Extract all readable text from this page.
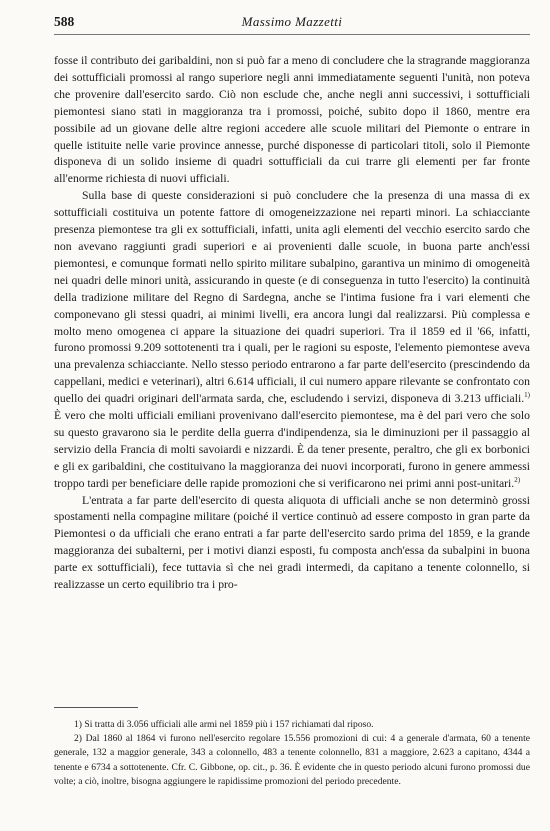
588	Massimo Mazzetti

fosse il contributo dei garibaldini, non si può far a meno di concludere che la stragrande maggioranza dei sottufficiali promossi al rango superiore negli anni immediatamente seguenti l'unità, non poteva che provenire dall'esercito sardo. Ciò non esclude che, anche negli anni successivi, i sottufficiali piemontesi siano stati in maggioranza tra i promossi, poiché, subito dopo il 1860, mentre era possibile ad un giovane delle altre regioni accedere alle scuole militari del Piemonte o entrare in quelle istituite nelle varie province annesse, purché disponesse di particolari titoli, solo il Piemonte disponeva di un solido insieme di quadri sottufficiali da cui trarre gli elementi per far fronte all'enorme richiesta di nuovi ufficiali.

Sulla base di queste considerazioni si può concludere che la presenza di una massa di ex sottufficiali costituiva un potente fattore di omogeneizzazione nei reparti minori. La schiacciante presenza piemontese tra gli ex sottufficiali, infatti, unita agli elementi del vecchio esercito sardo che non avevano raggiunti gradi superiori e ai provenienti dalle scuole, in buona parte anch'essi piemontesi, e comunque formati nello spirito militare subalpino, garantiva un minimo di omogeneità nei quadri delle minori unità, assicurando in queste (e di conseguenza in tutto l'esercito) la continuità della tradizione militare del Regno di Sardegna, anche se l'intima fusione fra i vari elementi che componevano gli stessi quadri, ai minimi livelli, era ancora lungi dal realizzarsi. Più complessa e molto meno omogenea ci appare la situazione dei quadri superiori. Tra il 1859 ed il '66, infatti, furono promossi 9.209 sottotenenti tra i quali, per le ragioni su esposte, l'elemento piemontese aveva una prevalenza schiacciante. Nello stesso periodo entrarono a far parte dell'esercito (prescindendo da cappellani, medici e veterinari), altri 6.614 ufficiali, il cui numero appare rilevante se confrontato con quello dei quadri originari dell'armata sarda, che, escludendo i servizi, disponeva di 3.213 ufficiali.$^{1)}$ È vero che molti ufficiali emiliani provenivano dall'esercito piemontese, ma è del pari vero che solo su questo gravarono sia le perdite della guerra d'indipendenza, sia le diminuzioni per il passaggio al servizio della Francia di molti savoiardi e nizzardi. È da tener presente, peraltro, che gli ex borbonici e gli ex garibaldini, che costituivano la maggioranza dei nuovi incorporati, furono in genere ammessi troppo tardi per beneficiare delle rapide promozioni che si verificarono nei primi anni post-unitari.$^{2)}$

L'entrata a far parte dell'esercito di questa aliquota di ufficiali anche se non determinò grossi spostamenti nella compagine militare (poiché il vertice continuò ad essere composto in gran parte da Piemontesi o da ufficiali che erano entrati a far parte dell'esercito sardo prima del 1859, e la grande maggioranza dei subalterni, per i motivi dianzi esposti, fu composta anch'essa da subalpini in buona parte ex sottufficiali), fece tuttavia sì che nei gradi intermedi, da capitano a tenente colonnello, si realizzasse un certo equilibrio tra i pro-

1) Si tratta di 3.056 ufficiali alle armi nel 1859 più i 157 richiamati dal riposo.

2) Dal 1860 al 1864 vi furono nell'esercito regolare 15.556 promozioni di cui: 4 a generale d'armata, 60 a tenente generale, 132 a maggior generale, 343 a colonnello, 483 a tenente colonnello, 831 a maggiore, 2.623 a capitano, 4344 a tenente e 6734 a sottotenente. Cfr. C. Gibbone, op. cit., p. 36. È evidente che in questo periodo alcuni furono promossi due volte; a ciò, inoltre, bisogna aggiungere le rapidissime promozioni del periodo precedente.
